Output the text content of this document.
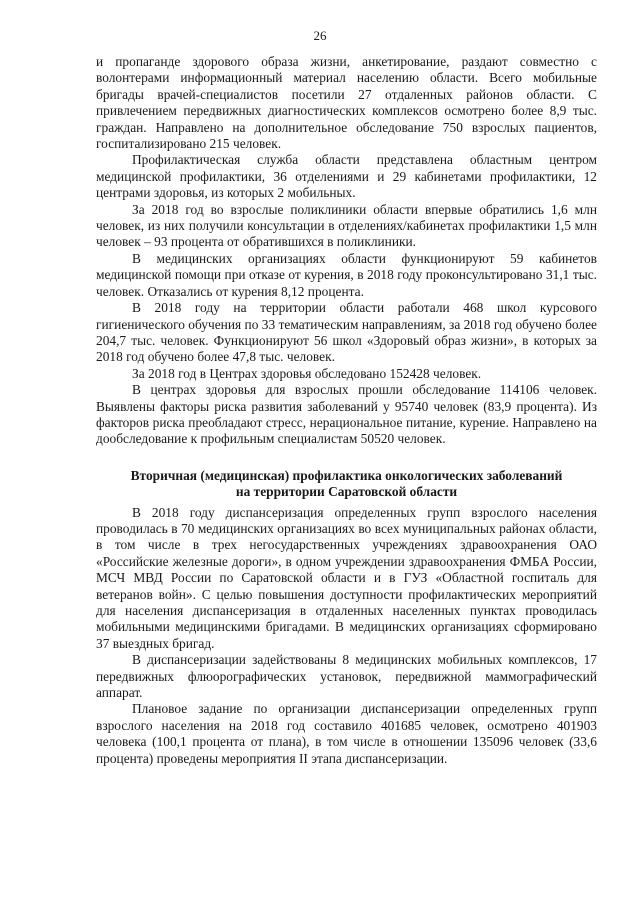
26

и пропаганде здорового образа жизни, анкетирование, раздают совместно с волонтерами информационный материал населению области. Всего мобильные бригады врачей-специалистов посетили 27 отдаленных районов области. С привлечением передвижных диагностических комплексов осмотрено более 8,9 тыс. граждан. Направлено на дополнительное обследование 750 взрослых пациентов, госпитализировано 215 человек.

Профилактическая служба области представлена областным центром медицинской профилактики, 36 отделениями и 29 кабинетами профилактики, 12 центрами здоровья, из которых 2 мобильных.

За 2018 год во взрослые поликлиники области впервые обратились 1,6 млн человек, из них получили консультации в отделениях/кабинетах профилактики 1,5 млн человек – 93 процента от обратившихся в поликлиники.

В медицинских организациях области функционируют 59 кабинетов медицинской помощи при отказе от курения, в 2018 году проконсультировано 31,1 тыс. человек. Отказались от курения 8,12 процента.

В 2018 году на территории области работали 468 школ курсового гигиенического обучения по 33 тематическим направлениям, за 2018 год обучено более 204,7 тыс. человек. Функционируют 56 школ «Здоровый образ жизни», в которых за 2018 год обучено более 47,8 тыс. человек.

За 2018 год в Центрах здоровья обследовано 152428 человек.

В центрах здоровья для взрослых прошли обследование 114106 человек. Выявлены факторы риска развития заболеваний у 95740 человек (83,9 процента). Из факторов риска преобладают стресс, нерациональное питание, курение. Направлено на дообследование к профильным специалистам 50520 человек.

Вторичная (медицинская) профилактика онкологических заболеваний
на территории Саратовской области

В 2018 году диспансеризация определенных групп взрослого населения проводилась в 70 медицинских организациях во всех муниципальных районах области, в том числе в трех негосударственных учреждениях здравоохранения ОАО «Российские железные дороги», в одном учреждении здравоохранения ФМБА России, МСЧ МВД России по Саратовской области и в ГУЗ «Областной госпиталь для ветеранов войн». С целью повышения доступности профилактических мероприятий для населения диспансеризация в отдаленных населенных пунктах проводилась мобильными медицинскими бригадами. В медицинских организациях сформировано 37 выездных бригад.

В диспансеризации задействованы 8 медицинских мобильных комплексов, 17 передвижных флюорографических установок, передвижной маммографический аппарат.

Плановое задание по организации диспансеризации определенных групп взрослого населения на 2018 год составило 401685 человек, осмотрено 401903 человека (100,1 процента от плана), в том числе в отношении 135096 человек (33,6 процента) проведены мероприятия II этапа диспансеризации.
